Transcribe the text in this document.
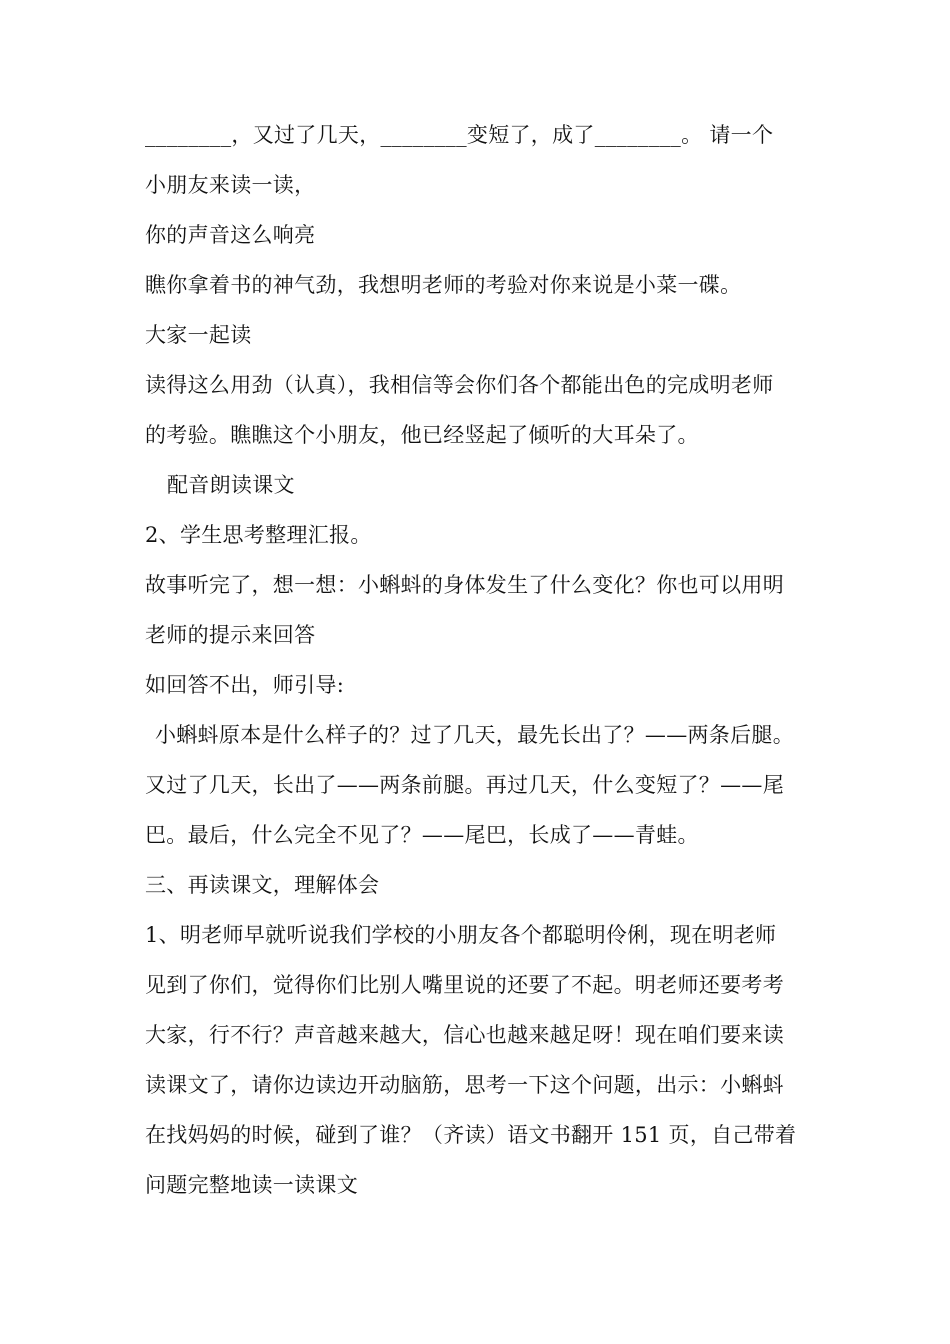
________，又过了几天，________变短了，成了________。 请一个
小朋友来读一读，
你的声音这么响亮
瞧你拿着书的神气劲，我想明老师的考验对你来说是小菜一碟。
大家一起读
读得这么用劲（认真），我相信等会你们各个都能出色的完成明老师
的考验。瞧瞧这个小朋友，他已经竖起了倾听的大耳朵了。
配音朗读课文
2、学生思考整理汇报。
故事听完了，想一想：小蝌蚪的身体发生了什么变化？你也可以用明
老师的提示来回答
如回答不出，师引导:
小蝌蚪原本是什么样子的？过了几天，最先长出了？——两条后腿。
又过了几天，长出了——两条前腿。再过几天，什么变短了？——尾
巴。最后，什么完全不见了？——尾巴，长成了——青蛙。
三、再读课文，理解体会
1、明老师早就听说我们学校的小朋友各个都聪明伶俐，现在明老师
见到了你们，觉得你们比别人嘴里说的还要了不起。明老师还要考考
大家，行不行？声音越来越大，信心也越来越足呀！现在咱们要来读
读课文了，请你边读边开动脑筋，思考一下这个问题，出示：小蝌蚪
在找妈妈的时候，碰到了谁？（齐读）语文书翻开 151 页，自己带着
问题完整地读一读课文
